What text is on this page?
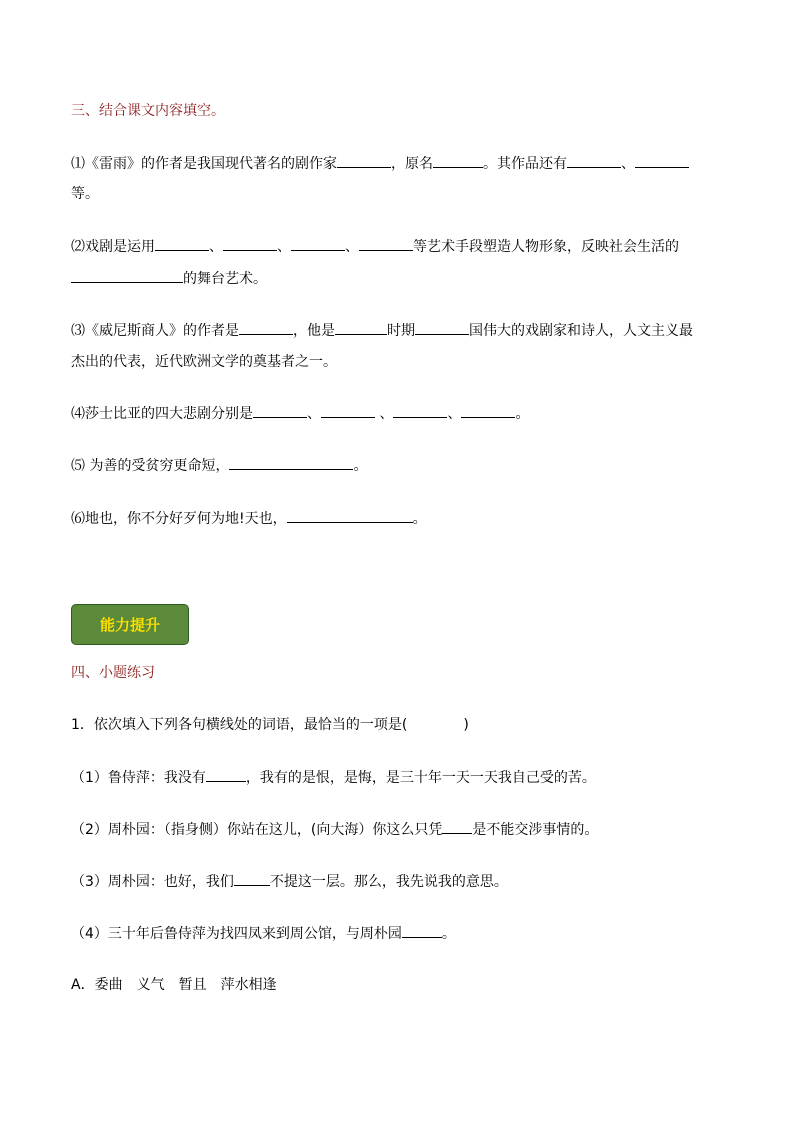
三、结合课文内容填空。
⑴《雷雨》的作者是我国现代著名的剧作家	，原名	。其作品还有	、
等。
⑵戏剧是运用	、	、	、	等艺术手段塑造人物形象，反映社会生活的
的舞台艺术。
⑶《威尼斯商人》的作者是	，他是	时期	国伟大的戏剧家和诗人，人文主义最
杰出的代表，近代欧洲文学的奠基者之一。
⑷莎士比亚的四大悲剧分别是	、	、	、	。
⑸ 为善的受贫穷更命短，	。
⑹地也，你不分好歹何为地!天也，	。
能力提升
四、小题练习
1．依次填入下列各句横线处的词语，最恰当的一项是(　　　　)
（1）鲁侍萍：我没有	，我有的是恨，是悔，是三十年一天一天我自己受的苦。
（2）周朴园：（指身侧）你站在这儿，(向大海）你这么只凭 是不能交涉事情的。
（3）周朴园：也好，我们	不提这一层。那么，我先说我的意思。
（4）三十年后鲁侍萍为找四凤来到周公馆，与周朴园	。
A．委曲　义气　暂且　萍水相逢
